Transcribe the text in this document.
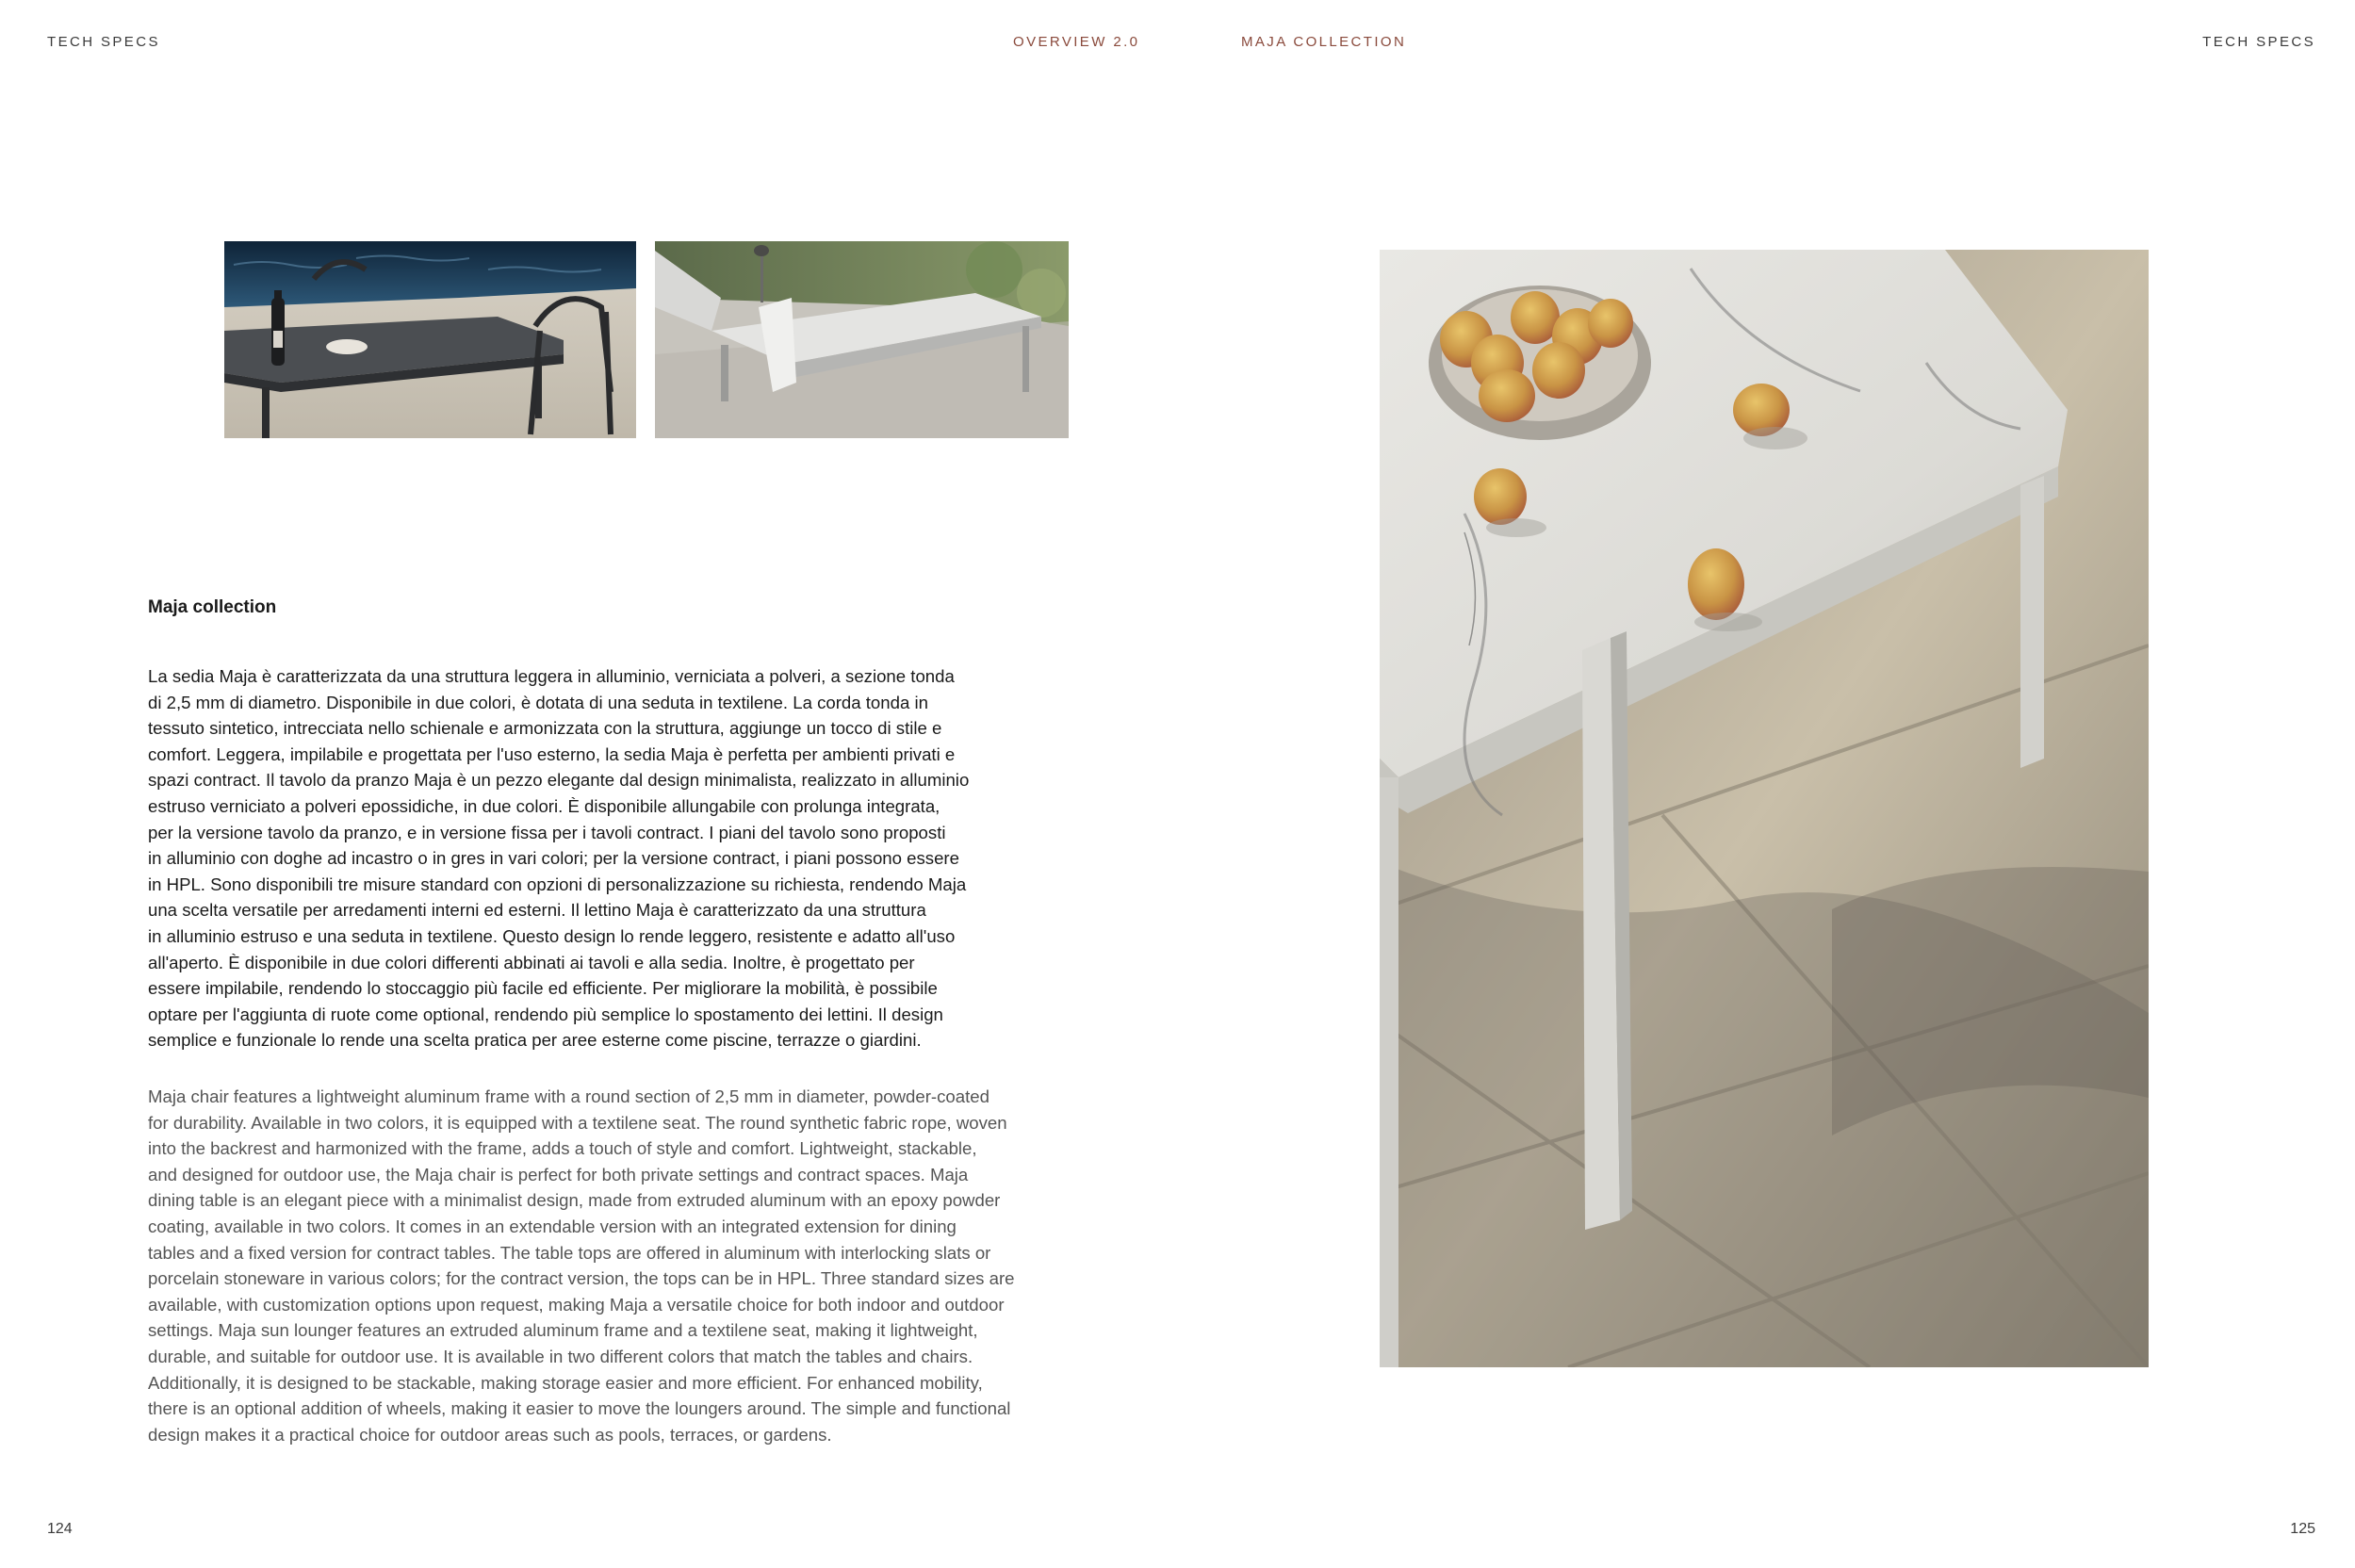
TECH SPECS	OVERVIEW 2.0	MAJA COLLECTION	TECH SPECS
Maja collection
La sedia Maja è caratterizzata da una struttura leggera in alluminio, verniciata a polveri, a sezione tonda
di 2,5 mm di diametro. Disponibile in due colori, è dotata di una seduta in textilene. La corda tonda in
tessuto sintetico, intrecciata nello schienale e armonizzata con la struttura, aggiunge un tocco di stile e
comfort. Leggera, impilabile e progettata per l'uso esterno, la sedia Maja è perfetta per ambienti privati e
spazi contract. Il tavolo da pranzo Maja è un pezzo elegante dal design minimalista, realizzato in alluminio
estruso verniciato a polveri epossidiche, in due colori. È disponibile allungabile con prolunga integrata,
per la versione tavolo da pranzo, e in versione fissa per i tavoli contract. I piani del tavolo sono proposti
in alluminio con doghe ad incastro o in gres in vari colori; per la versione contract, i piani possono essere
in HPL. Sono disponibili tre misure standard con opzioni di personalizzazione su richiesta, rendendo Maja
una scelta versatile per arredamenti interni ed esterni. Il lettino Maja è caratterizzato da una struttura
in alluminio estruso e una seduta in textilene. Questo design lo rende leggero, resistente e adatto all'uso
all'aperto. È disponibile in due colori differenti abbinati ai tavoli e alla sedia. Inoltre, è progettato per
essere impilabile, rendendo lo stoccaggio più facile ed efficiente. Per migliorare la mobilità, è possibile
optare per l'aggiunta di ruote come optional, rendendo più semplice lo spostamento dei lettini. Il design
semplice e funzionale lo rende una scelta pratica per aree esterne come piscine, terrazze o giardini.
Maja chair features a lightweight aluminum frame with a round section of 2,5 mm in diameter, powder-coated
for durability. Available in two colors, it is equipped with a textilene seat. The round synthetic fabric rope, woven
into the backrest and harmonized with the frame, adds a touch of style and comfort. Lightweight, stackable,
and designed for outdoor use, the Maja chair is perfect for both private settings and contract spaces. Maja
dining table is an elegant piece with a minimalist design, made from extruded aluminum with an epoxy powder
coating, available in two colors. It comes in an extendable version with an integrated extension for dining
tables and a fixed version for contract tables. The table tops are offered in aluminum with interlocking slats or
porcelain stoneware in various colors; for the contract version, the tops can be in HPL. Three standard sizes are
available, with customization options upon request, making Maja a versatile choice for both indoor and outdoor
settings. Maja sun lounger features an extruded aluminum frame and a textilene seat, making it lightweight,
durable, and suitable for outdoor use. It is available in two different colors that match the tables and chairs.
Additionally, it is designed to be stackable, making storage easier and more efficient. For enhanced mobility,
there is an optional addition of wheels, making it easier to move the loungers around. The simple and functional
design makes it a practical choice for outdoor areas such as pools, terraces, or gardens.
124	125
